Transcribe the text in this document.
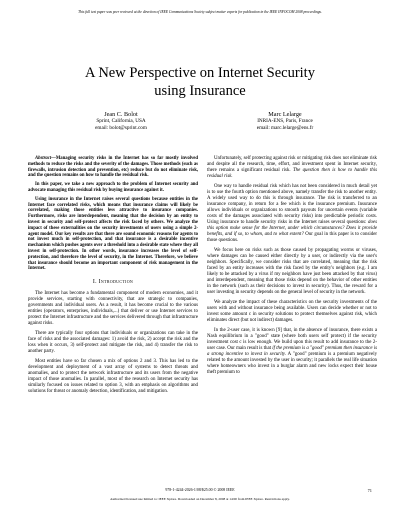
This full text paper was peer reviewed at the direction of IEEE Communications Society subject matter experts for publication in the IEEE INFOCOM 2008 proceedings.
A New Perspective on Internet Security
using Insurance
Jean C. Bolot
Sprint, California, USA
email: bolot@sprint.com
Marc Lelarge
INRIA-ENS, Paris, France
email: marc.lelarge@ens.fr

Abstract—Managing security risks in the Internet has so far mostly involved methods to reduce the risks and the severity of the damages. Those methods (such as firewalls, intrusion detection and prevention, etc) reduce but do not eliminate risk, and the question remains on how to handle the residual risk.

In this paper, we take a new approach to the problem of Internet security and advocate managing this residual risk by buying insurance against it.

Using insurance in the Internet raises several questions because entities in the Internet face correlated risks, which means that insurance claims will likely be correlated, making those entities less attractive to insurance companies. Furthermore, risks are interdependent, meaning that the decision by an entity to invest in security and self-protect affects the risk faced by others. We analyze the impact of these externalities on the security investments of users using a simple 2-agent model. Our key results are that there are sound economic reasons for agents to not invest much in self-protection, and that insurance is a desirable incentive mechanism which pushes agents over a threshold into a desirable state where they all invest in self-protection. In other words, insurance increases the level of self-protection, and therefore the level of security, in the Internet. Therefore, we believe that insurance should become an important component of risk management in the Internet.

I. Introduction

The Internet has become a fundamental component of modern economies, and it provide services, starting with connectivity, that are strategic to companies, governments and individual users. As a result, it has become crucial to the various entities (operators, enterprises, individuals,...) that deliver or use Internet services to protect the Internet infrastructure and the services delivered through that infrastructure against risks.

There are typically four options that individuals or organizations can take in the face of risks and the associated damages: 1) avoid the risk, 2) accept the risk and the loss when it occurs, 3) self-protect and mitigate the risk, and 4) transfer the risk to another party.

Most entities have so far chosen a mix of options 2 and 3. This has led to the development and deployment of a vast array of systems to detect threats and anomalies, and to protect the network infrastructure and its users from the negative impact of those anomalies. In parallel, most of the research on Internet security has similarly focused on issues related to option 3, with an emphasis on algorithms and solutions for threat or anomaly detection, identification, and mitigation.

Unfortunately, self protecting against risk or mitigating risk does not eliminate risk and despite all the research, time, effort, and investment spent in Internet security, there remains a significant residual risk. The question then is how to handle this residual risk.

One way to handle residual risk which has not been considered in much detail yet is to use the fourth option mentioned above, namely transfer the risk to another entity. A widely used way to do this is through insurance. The risk is transferred to an insurance company, in return for a fee which is the insurance premium. Insurance allows individuals or organizations to smooth payouts for uncertain events (variable costs of the damages associated with security risks) into predictable periodic costs. Using insurance to handle security risks in the Internet raises several questions: does this option make sense for the Internet, under which circumstances? Does it provide benefits, and if so, to whom, and to what extent? Our goal in this paper is to consider those questions.

We focus here on risks such as those caused by propagating worms or viruses, where damages can be caused either directly by a user, or indirectly via the user's neighbors. Specifically, we consider risks that are correlated, meaning that the risk faced by an entity increases with the risk faced by the entity's neighbors (e.g. I am likely to be attacked by a virus if my neighbors have just been attacked by that virus) and interdependent, meaning that those risks depend on the behavior of other entities in the network (such as their decisions to invest in security). Thus, the reward for a user investing in security depends on the general level of security in the network.

We analyze the impact of these characteristics on the security investments of the users with and without insurance being available. Users can decide whether or not to invest some amount c in security solutions to protect themselves against risk, which eliminates direct (but not indirect) damages.

In the 2-user case, it is known [9] that, in the absence of insurance, there exists a Nash equilibrium in a "good" state (where both users self protect) if the security investment cost c is low enough. We build upon this result to add insurance to the 2-user case. Our main result is that if the premium is a "good" premium then insurance is a strong incentive to invest in security. A "good" premium is a premium negatively related to the amount invested by the user in security; it parallels the real life situation where homeowners who invest in a burglar alarm and new locks expect their house theft premium to

978-1-4244-2026-1/08/$25.00 © 2008 IEEE	71
Authorized licensed use limited to: IEEE Xplore. Downloaded on December 8, 2008 at 14:00 from IEEE Xplore. Restrictions apply.
